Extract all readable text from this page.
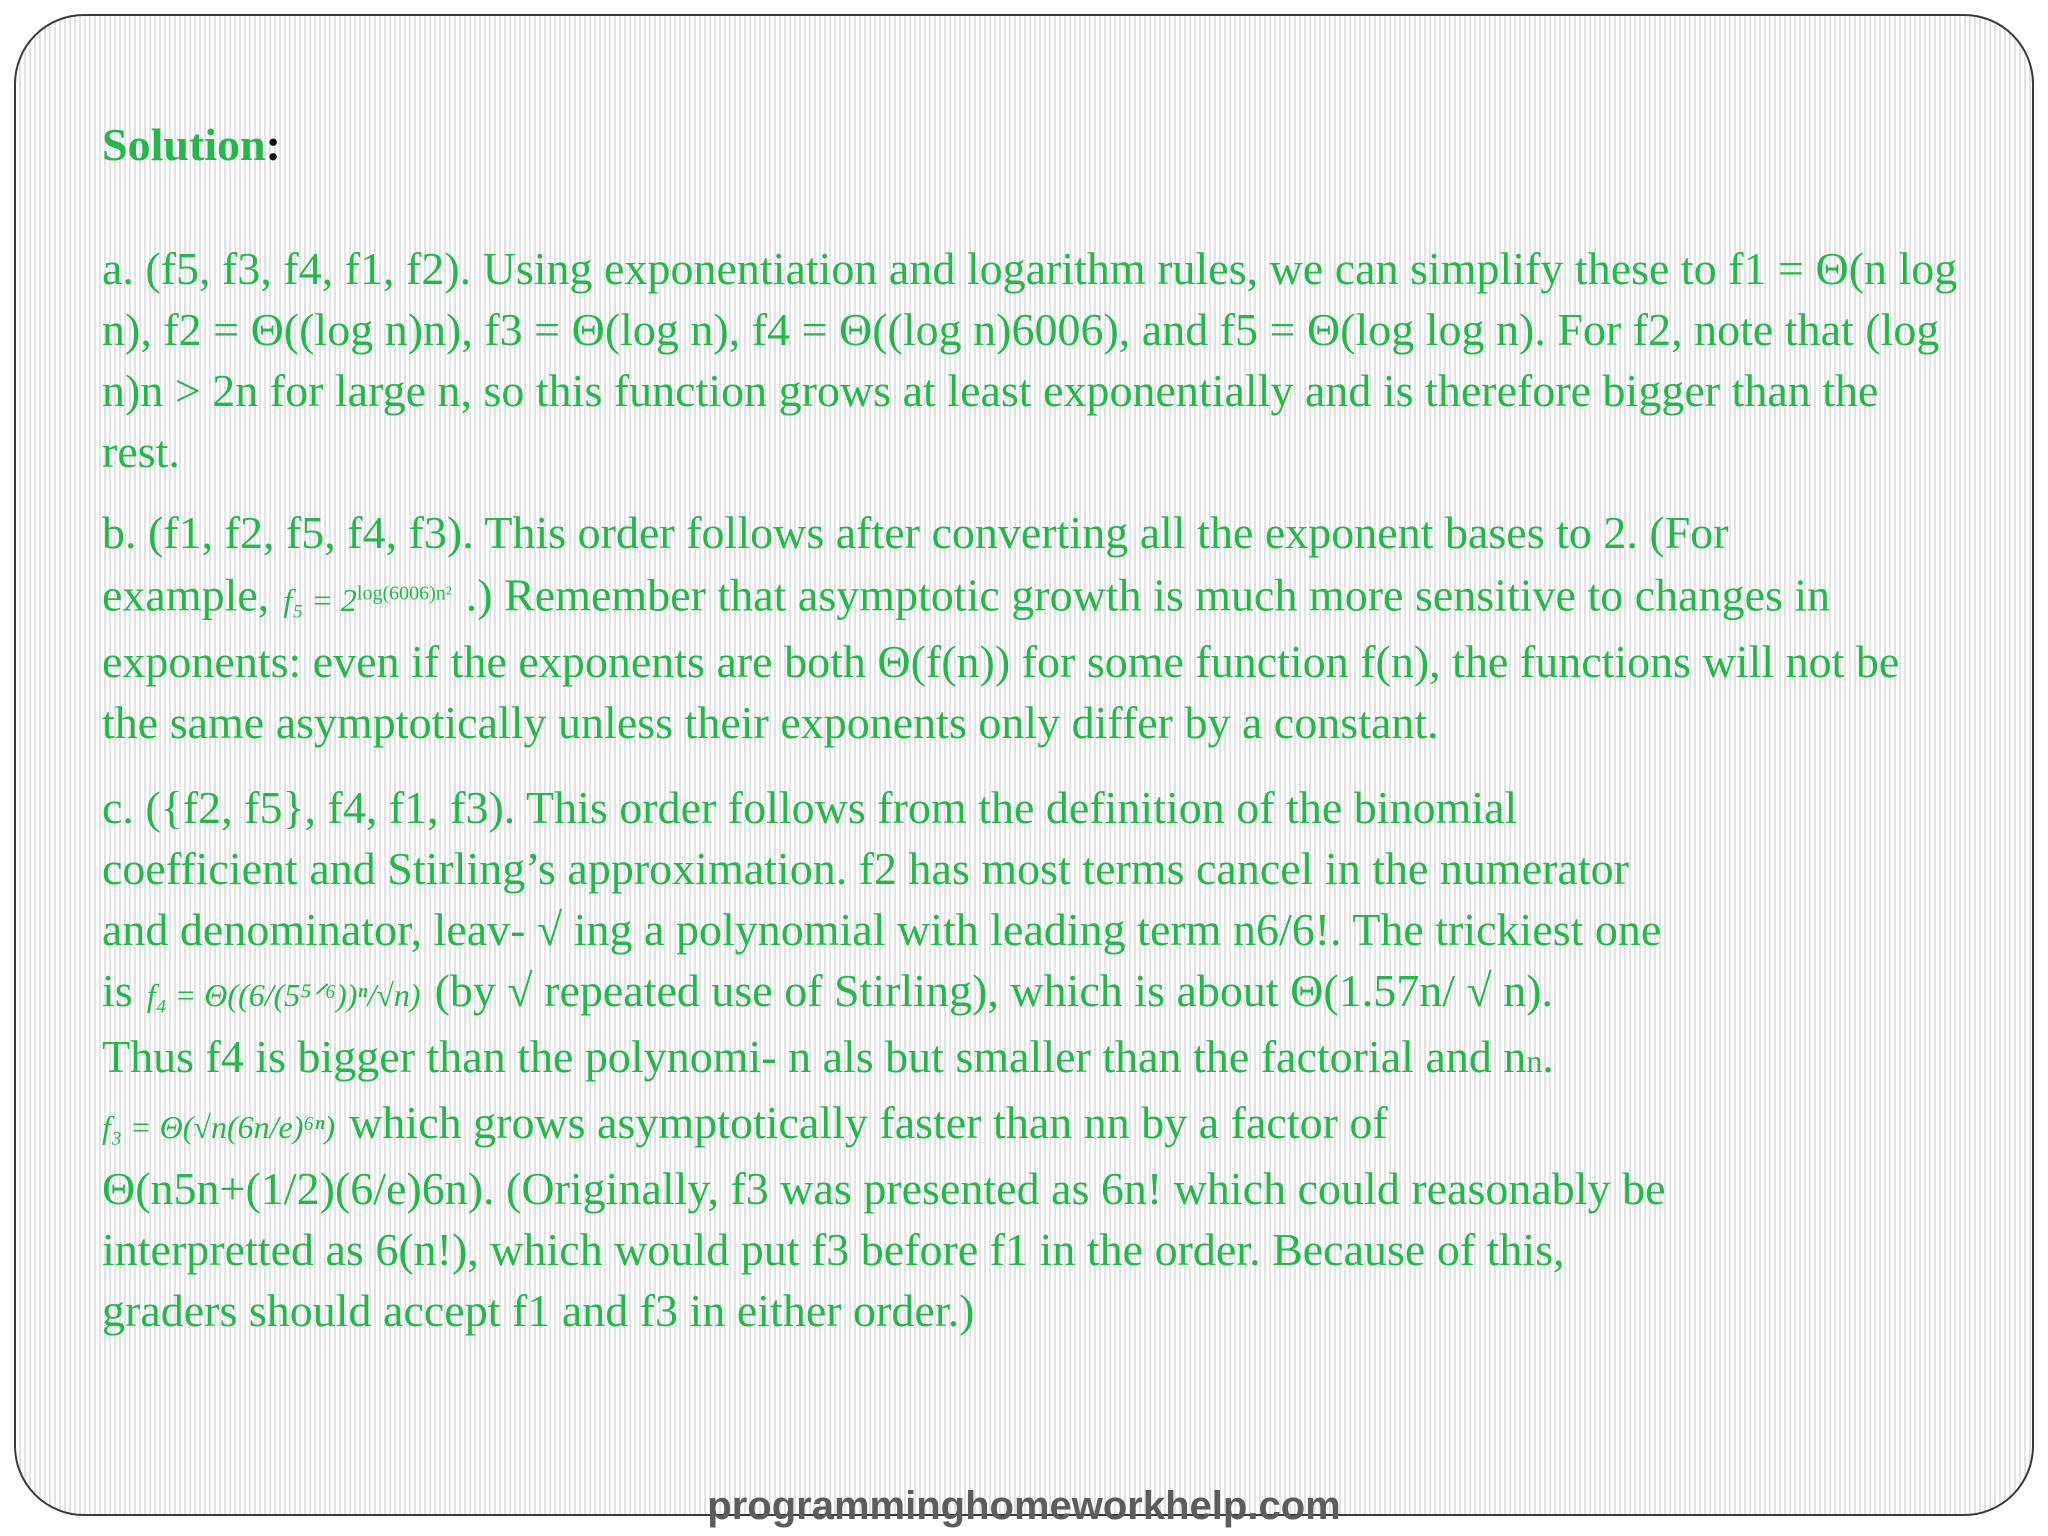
Solution:
a. (f5, f3, f4, f1, f2). Using exponentiation and logarithm rules, we can simplify these to f1 = Θ(n log n), f2 = Θ((log n)n), f3 = Θ(log n), f4 = Θ((log n)6006), and f5 = Θ(log log n). For f2, note that (log n)n > 2n for large n, so this function grows at least exponentially and is therefore bigger than the rest.
b. (f1, f2, f5, f4, f3). This order follows after converting all the exponent bases to 2. (For example, $f_5 = 2^{log(6006)n^2}$ .) Remember that asymptotic growth is much more sensitive to changes in exponents: even if the exponents are both Θ(f(n)) for some function f(n), the functions will not be the same asymptotically unless their exponents only differ by a constant.
c. ({f2, f5}, f4, f1, f3). This order follows from the definition of the binomial
coefficient and Stirling’s approximation. f2 has most terms cancel in the numerator
and denominator, leav- √ ing a polynomial with leading term n6/6!. The trickiest one
is f₄ = Θ((6/(5⁵ᐟ⁶))ⁿ/√n) (by √ repeated use of Stirling), which is about Θ(1.57n/ √ n).
Thus f4 is bigger than the polynomi- n als but smaller than the factorial and nn.
f₃ = Θ(√n(6n/e)⁶ⁿ) which grows asymptotically faster than nn by a factor of
Θ(n5n+(1/2)(6/e)6n). (Originally, f3 was presented as 6n! which could reasonably be
interpretted as 6(n!), which would put f3 before f1 in the order. Because of this,
graders should accept f1 and f3 in either order.)
programminghomeworkhelp.com
